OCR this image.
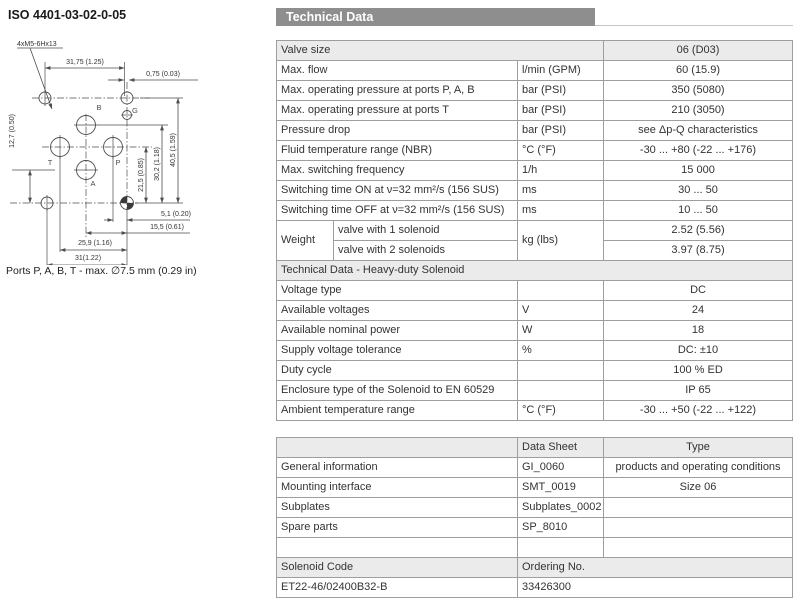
ISO 4401-03-02-0-05
4xM5-6Hx13
31,75 (1.25)
0,75 (0.03)
12,7 (0.50)
21,5 (0.85) 30,2 (1.18) 40,5 (1.59)
5,1 (0.20)
15,5 (0.61)
25,9 (1.16)
31(1.22)
B	G
T	P
A
Ports P, A, B, T - max. ∅7.5 mm (0.29 in)
Technical Data
Valve size			06 (D03)
Max. flow		l/min (GPM)	60 (15.9)
Max. operating pressure at ports P, A, B		bar (PSI)	350 (5080)
Max. operating pressure at ports T		bar (PSI)	210 (3050)
Pressure drop		bar (PSI)	see Δp-Q characteristics
Fluid temperature range (NBR)		°C (°F)	-30 ... +80 (-22 ... +176)
Max. switching frequency		1/h	15 000
Switching time ON at ν=32 mm²/s (156 SUS)		ms	30 ... 50
Switching time OFF at ν=32 mm²/s (156 SUS)		ms	10 ... 50
Weight	valve with 1 solenoid	kg (lbs)	2.52 (5.56)
	valve with 2 solenoids		3.97 (8.75)
Technical Data - Heavy-duty Solenoid			
Voltage type			DC
Available voltages		V	24
Available nominal power		W	18
Supply voltage tolerance		%	DC: ±10
Duty cycle			100 % ED
Enclosure type of the Solenoid to EN 60529			IP 65
Ambient temperature range		°C (°F)	-30 ... +50 (-22 ... +122)
	Data Sheet	Type
General information	GI_0060	products and operating conditions
Mounting interface	SMT_0019	Size 06
Subplates	Subplates_0002	
Spare parts	SP_8010	

Solenoid Code	Ordering No.	
ET22-46/02400B32-B	33426300	
